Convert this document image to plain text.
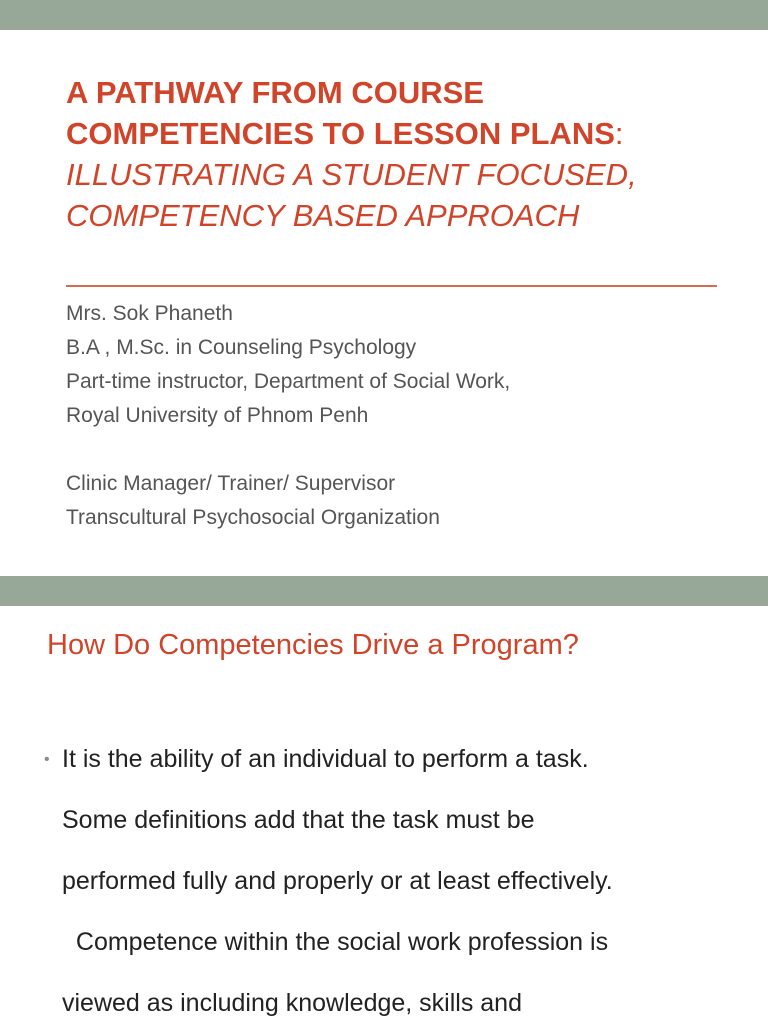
A PATHWAY FROM COURSE COMPETENCIES TO LESSON PLANS: ILLUSTRATING A STUDENT FOCUSED, COMPETENCY BASED APPROACH
Mrs. Sok Phaneth
B.A , M.Sc. in Counseling Psychology
Part-time instructor, Department of Social Work,
Royal University of Phnom Penh
Clinic Manager/ Trainer/ Supervisor
Transcultural Psychosocial Organization
How Do Competencies Drive a Program?
• It is the ability of an individual to perform a task.
Some definitions add that the task must be
performed fully and properly or at least effectively.
Competence within the social work profession is
viewed as including knowledge, skills and
